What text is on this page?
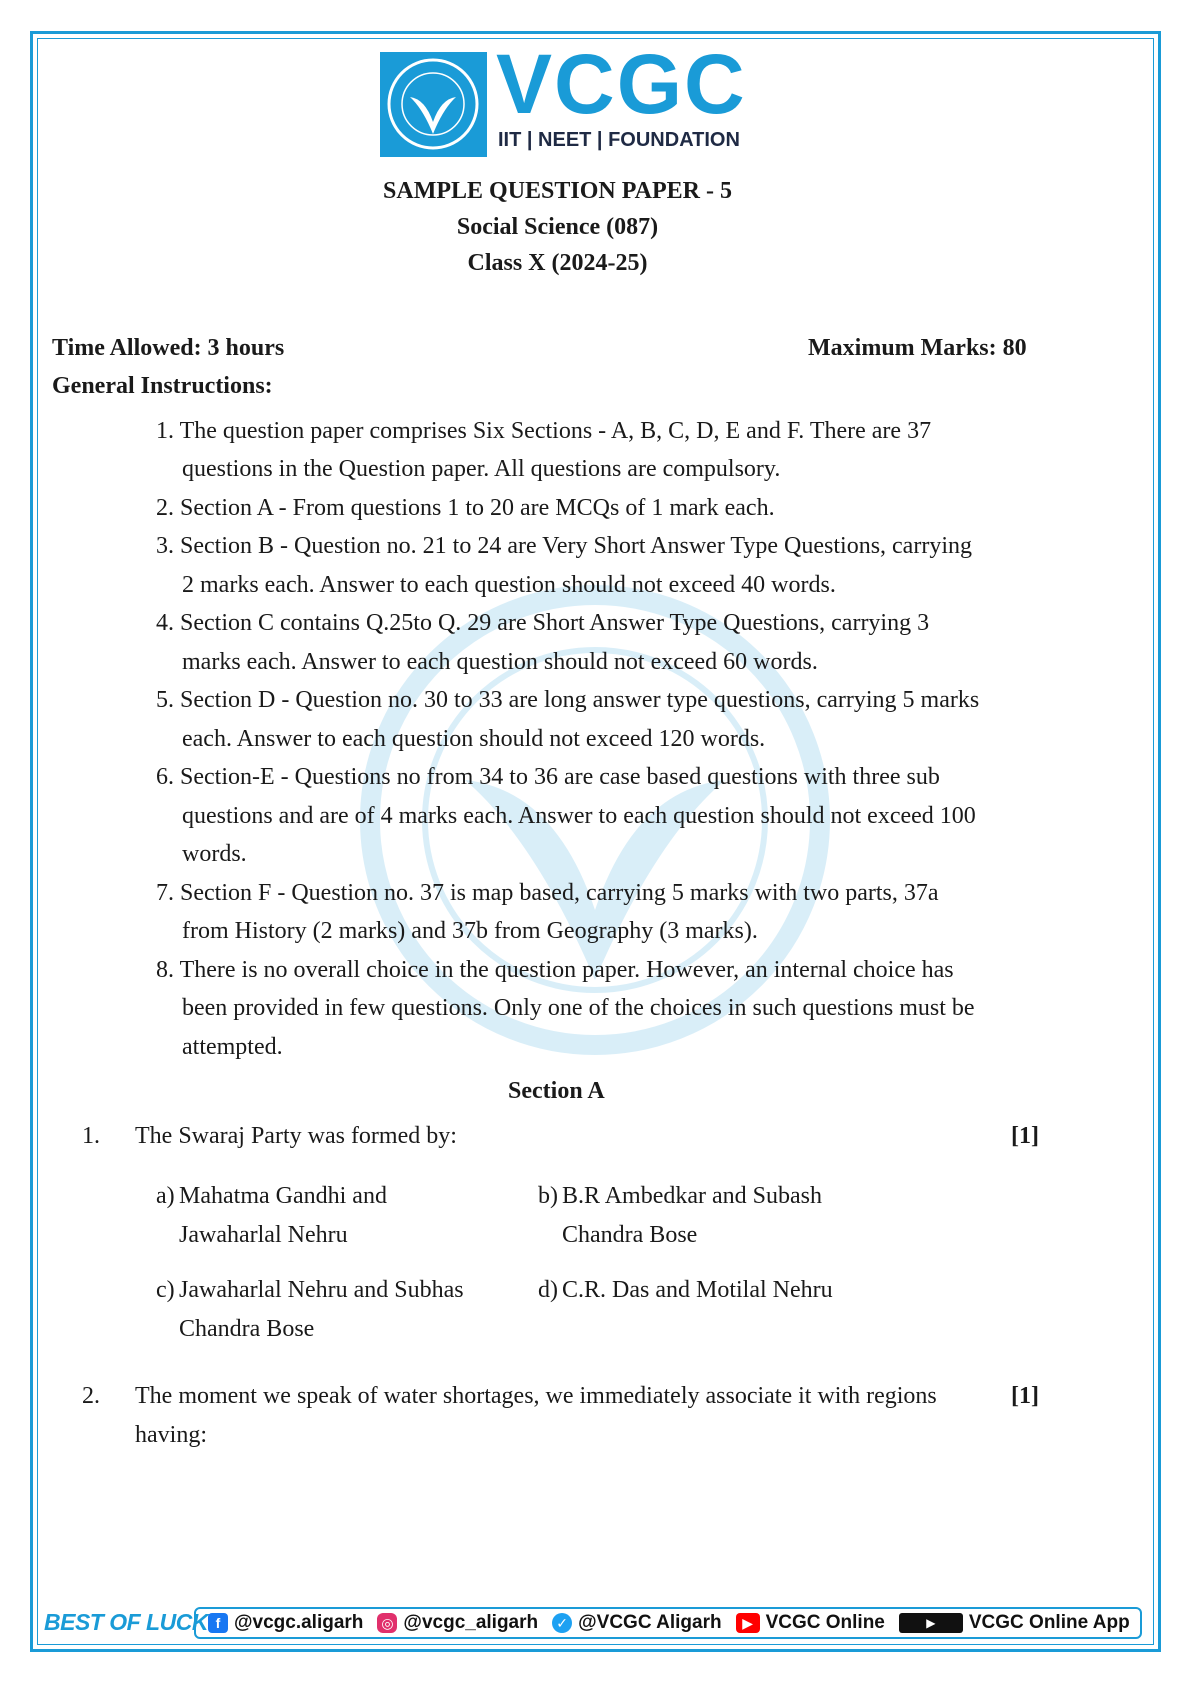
VCGC
IIT | NEET | FOUNDATION
SAMPLE QUESTION PAPER - 5
Social Science (087)
Class X (2024-25)
Time Allowed: 3 hours	Maximum Marks: 80
General Instructions:
1. The question paper comprises Six Sections - A, B, C, D, E and F. There are 37
questions in the Question paper. All questions are compulsory.
2. Section A - From questions 1 to 20 are MCQs of 1 mark each.
3. Section B - Question no. 21 to 24 are Very Short Answer Type Questions, carrying
2 marks each. Answer to each question should not exceed 40 words.
4. Section C contains Q.25to Q. 29 are Short Answer Type Questions, carrying 3
marks each. Answer to each question should not exceed 60 words.
5. Section D - Question no. 30 to 33 are long answer type questions, carrying 5 marks
each. Answer to each question should not exceed 120 words.
6. Section-E - Questions no from 34 to 36 are case based questions with three sub
questions and are of 4 marks each. Answer to each question should not exceed 100
words.
7. Section F - Question no. 37 is map based, carrying 5 marks with two parts, 37a
from History (2 marks) and 37b from Geography (3 marks).
8. There is no overall choice in the question paper. However, an internal choice has
been provided in few questions. Only one of the choices in such questions must be
attempted.
Section A
1. The Swaraj Party was formed by:	[1]
a) Mahatma Gandhi and
Jawaharlal Nehru
b) B.R Ambedkar and Subash
Chandra Bose
c) Jawaharlal Nehru and Subhas
Chandra Bose
d) C.R. Das and Motilal Nehru
2. The moment we speak of water shortages, we immediately associate it with regions
having:
[1]
BEST OF LUCK f @vcgc.aligarh ◎ @vcgc_aligarh ✓ @VCGC Aligarh	▶ VCGC Online	▶	VCGC Online App
